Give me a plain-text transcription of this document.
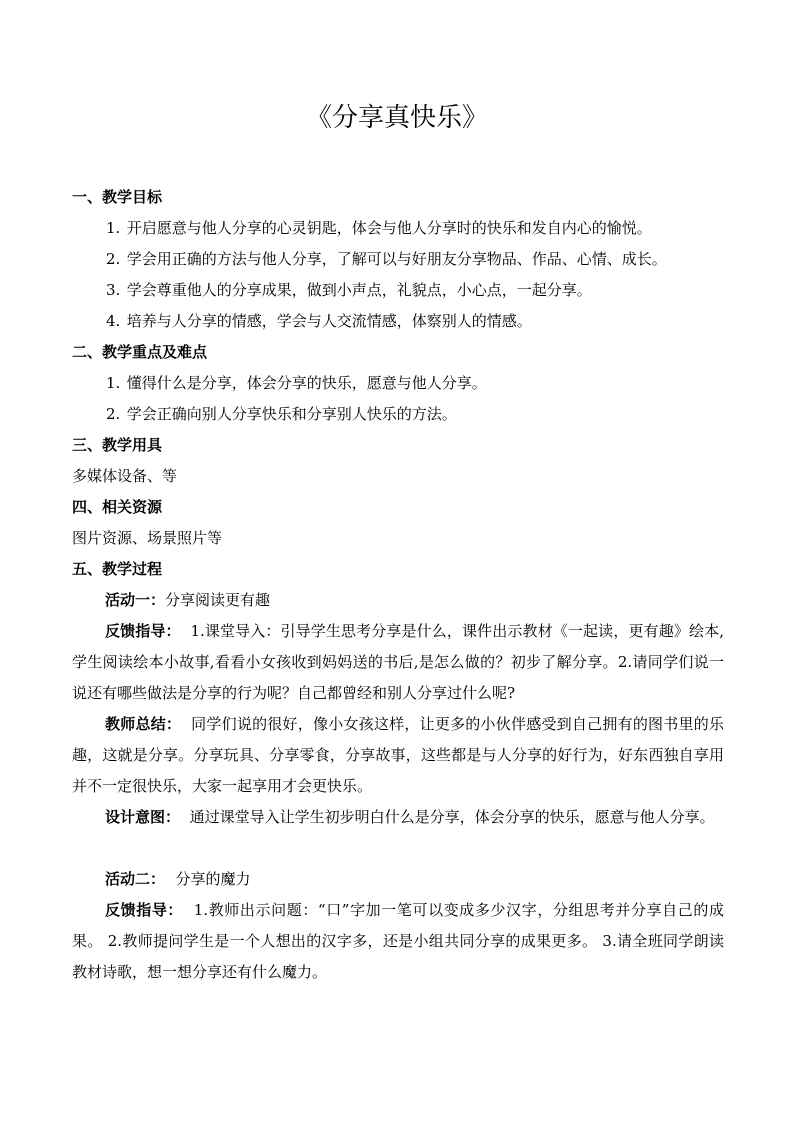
《分享真快乐》
一、教学目标
1. 开启愿意与他人分享的心灵钥匙，体会与他人分享时的快乐和发自内心的愉悦。
2. 学会用正确的方法与他人分享，了解可以与好朋友分享物品、作品、心情、成长。
3. 学会尊重他人的分享成果，做到小声点，礼貌点，小心点，一起分享。
4. 培养与人分享的情感，学会与人交流情感，体察别人的情感。
二、教学重点及难点
1. 懂得什么是分享，体会分享的快乐，愿意与他人分享。
2. 学会正确向别人分享快乐和分享别人快乐的方法。
三、教学用具
多媒体设备、等
四、相关资源
图片资源、场景照片等
五、教学过程
活动一：分享阅读更有趣
反馈指导： 1.课堂导入：引导学生思考分享是什么，课件出示教材《一起读，更有趣》绘本,学生阅读绘本小故事,看看小女孩收到妈妈送的书后,是怎么做的？初步了解分享。2.请同学们说一说还有哪些做法是分享的行为呢？自己都曾经和别人分享过什么呢?
教师总结： 同学们说的很好，像小女孩这样，让更多的小伙伴感受到自己拥有的图书里的乐趣，这就是分享。分享玩具、分享零食，分享故事，这些都是与人分享的好行为，好东西独自享用并不一定很快乐，大家一起享用才会更快乐。
设计意图： 通过课堂导入让学生初步明白什么是分享，体会分享的快乐，愿意与他人分享。
活动二： 分享的魔力
反馈指导： 1.教师出示问题：“口”字加一笔可以变成多少汉字，分组思考并分享自己的成果。 2.教师提问学生是一个人想出的汉字多，还是小组共同分享的成果更多。 3.请全班同学朗读教材诗歌，想一想分享还有什么魔力。
